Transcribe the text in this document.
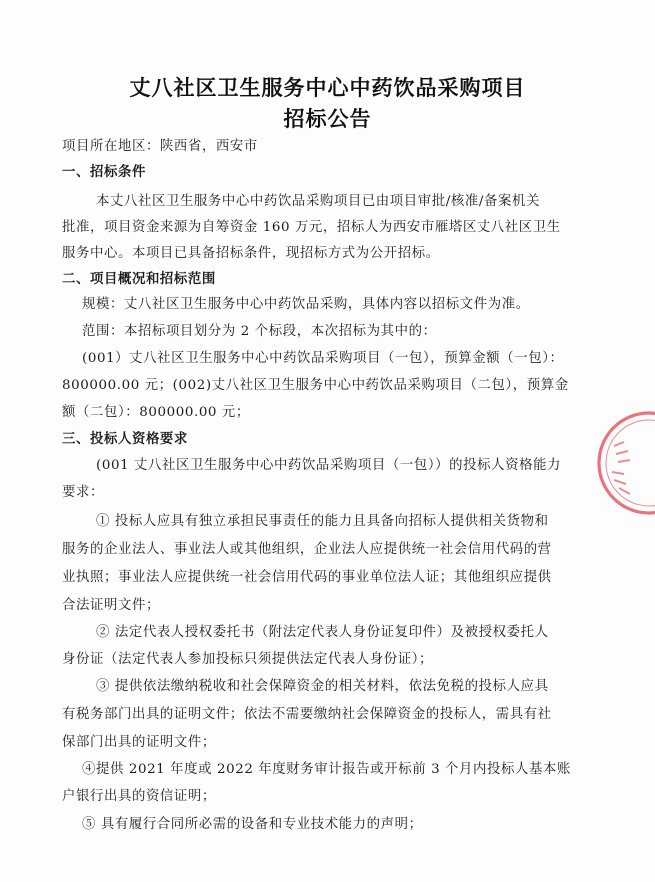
丈八社区卫生服务中心中药饮品采购项目
招标公告
项目所在地区：陕西省，西安市
一、招标条件
本丈八社区卫生服务中心中药饮品采购项目已由项目审批/核准/备案机关
批准，项目资金来源为自筹资金 160 万元，招标人为西安市雁塔区丈八社区卫生
服务中心。本项目已具备招标条件，现招标方式为公开招标。
二、项目概况和招标范围
规模：丈八社区卫生服务中心中药饮品采购，具体内容以招标文件为准。
范围：本招标项目划分为 2 个标段，本次招标为其中的：
(001）丈八社区卫生服务中心中药饮品采购项目（一包），预算金额（一包）：
800000.00 元；(002)丈八社区卫生服务中心中药饮品采购项目（二包），预算金
额（二包）：800000.00 元；
三、投标人资格要求
(001 丈八社区卫生服务中心中药饮品采购项目（一包））的投标人资格能力
要求：
① 投标人应具有独立承担民事责任的能力且具备向招标人提供相关货物和
服务的企业法人、事业法人或其他组织，企业法人应提供统一社会信用代码的营
业执照；事业法人应提供统一社会信用代码的事业单位法人证；其他组织应提供
合法证明文件；
② 法定代表人授权委托书（附法定代表人身份证复印件）及被授权委托人
身份证（法定代表人参加投标只须提供法定代表人身份证）；
③ 提供依法缴纳税收和社会保障资金的相关材料，依法免税的投标人应具
有税务部门出具的证明文件；依法不需要缴纳社会保障资金的投标人，需具有社
保部门出具的证明文件；
④提供 2021 年度或 2022 年度财务审计报告或开标前 3 个月内投标人基本账
户银行出具的资信证明；
⑤ 具有履行合同所必需的设备和专业技术能力的声明；
